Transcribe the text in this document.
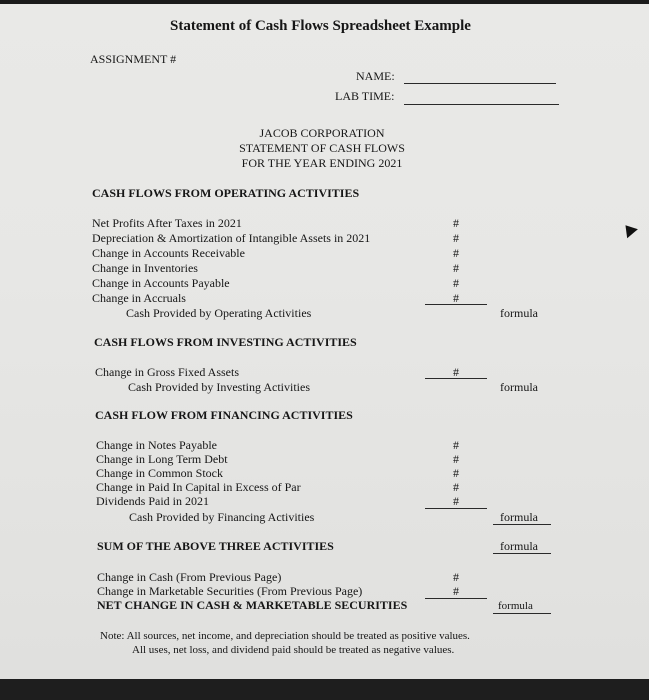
Statement of Cash Flows Spreadsheet Example
ASSIGNMENT #
NAME:
LAB TIME:
JACOB CORPORATION
STATEMENT OF CASH FLOWS
FOR THE YEAR ENDING 2021
CASH FLOWS FROM OPERATING ACTIVITIES
Net Profits After Taxes in 2021	#
Depreciation & Amortization of Intangible Assets in 2021	#
Change in Accounts Receivable	#
Change in Inventories	#
Change in Accounts Payable	#
Change in Accruals	#
Cash Provided by Operating Activities	formula
CASH FLOWS FROM INVESTING ACTIVITIES
Change in Gross Fixed Assets	#
Cash Provided by Investing Activities	formula
CASH FLOW FROM FINANCING ACTIVITIES
Change in Notes Payable	#
Change in Long Term Debt	#
Change in Common Stock	#
Change in Paid In Capital in Excess of Par	#
Dividends Paid in 2021	#
Cash Provided by Financing Activities	formula
SUM OF THE ABOVE THREE ACTIVITIES	formula
Change in Cash (From Previous Page)	#
Change in Marketable Securities (From Previous Page)	#
NET CHANGE IN CASH & MARKETABLE SECURITIES	formula
Note: All sources, net income, and depreciation should be treated as positive values.
All uses, net loss, and dividend paid should be treated as negative values.
